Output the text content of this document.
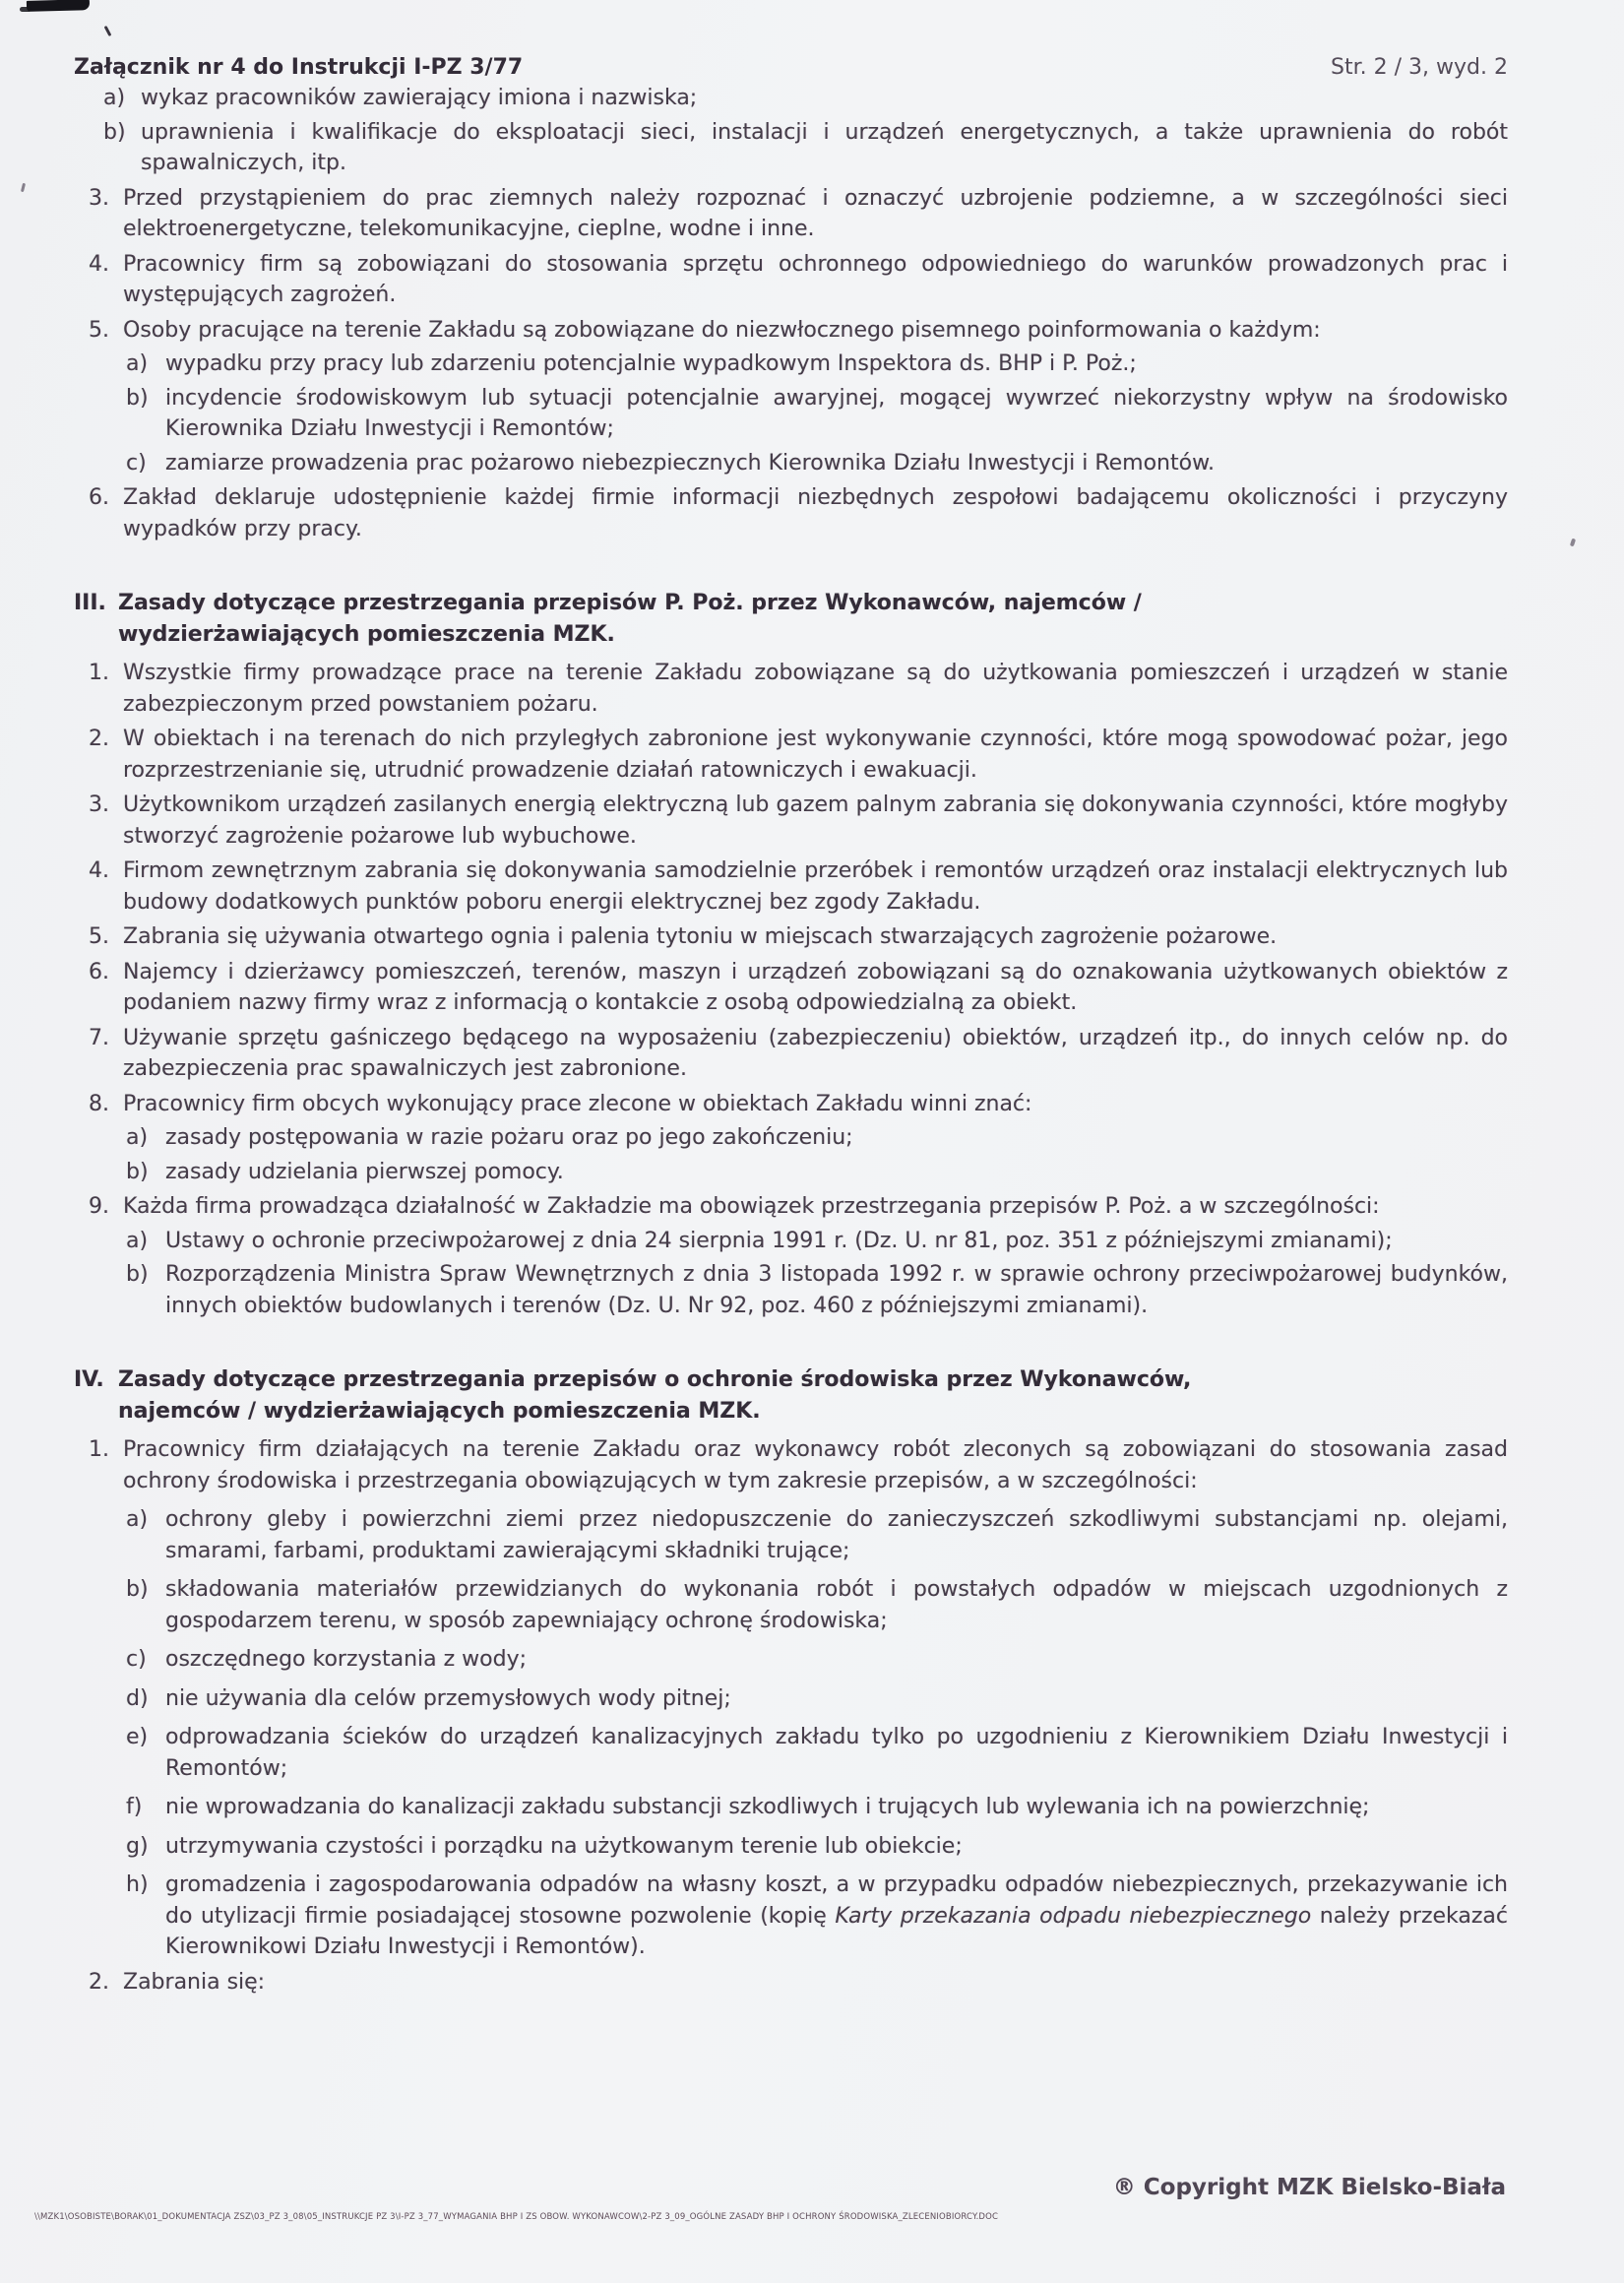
Załącznik nr 4 do Instrukcji I-PZ 3/77	Str. 2 / 3, wyd. 2
a) wykaz pracowników zawierający imiona i nazwiska;
b) uprawnienia i kwalifikacje do eksploatacji sieci, instalacji i urządzeń energetycznych, a także uprawnienia do robót spawalniczych, itp.
3. Przed przystąpieniem do prac ziemnych należy rozpoznać i oznaczyć uzbrojenie podziemne, a w szczególności sieci elektroenergetyczne, telekomunikacyjne, cieplne, wodne i inne.
4. Pracownicy firm są zobowiązani do stosowania sprzętu ochronnego odpowiedniego do warunków prowadzonych prac i występujących zagrożeń.
5. Osoby pracujące na terenie Zakładu są zobowiązane do niezwłocznego pisemnego poinformowania o każdym:
a) wypadku przy pracy lub zdarzeniu potencjalnie wypadkowym Inspektora ds. BHP i P. Poż.;
b) incydencie środowiskowym lub sytuacji potencjalnie awaryjnej, mogącej wywrzeć niekorzystny wpływ na środowisko Kierownika Działu Inwestycji i Remontów;
c) zamiarze prowadzenia prac pożarowo niebezpiecznych Kierownika Działu Inwestycji i Remontów.
6. Zakład deklaruje udostępnienie każdej firmie informacji niezbędnych zespołowi badającemu okoliczności i przyczyny wypadków przy pracy.
III. Zasady dotyczące przestrzegania przepisów P. Poż. przez Wykonawców, najemców /
wydzierżawiających pomieszczenia MZK.
1. Wszystkie firmy prowadzące prace na terenie Zakładu zobowiązane są do użytkowania pomieszczeń i urządzeń w stanie zabezpieczonym przed powstaniem pożaru.
2. W obiektach i na terenach do nich przyległych zabronione jest wykonywanie czynności, które mogą spowodować pożar, jego rozprzestrzenianie się, utrudnić prowadzenie działań ratowniczych i ewakuacji.
3. Użytkownikom urządzeń zasilanych energią elektryczną lub gazem palnym zabrania się dokonywania czynności, które mogłyby stworzyć zagrożenie pożarowe lub wybuchowe.
4. Firmom zewnętrznym zabrania się dokonywania samodzielnie przeróbek i remontów urządzeń oraz instalacji elektrycznych lub budowy dodatkowych punktów poboru energii elektrycznej bez zgody Zakładu.
5. Zabrania się używania otwartego ognia i palenia tytoniu w miejscach stwarzających zagrożenie pożarowe.
6. Najemcy i dzierżawcy pomieszczeń, terenów, maszyn i urządzeń zobowiązani są do oznakowania użytkowanych obiektów z podaniem nazwy firmy wraz z informacją o kontakcie z osobą odpowiedzialną za obiekt.
7. Używanie sprzętu gaśniczego będącego na wyposażeniu (zabezpieczeniu) obiektów, urządzeń itp., do innych celów np. do zabezpieczenia prac spawalniczych jest zabronione.
8. Pracownicy firm obcych wykonujący prace zlecone w obiektach Zakładu winni znać:
a) zasady postępowania w razie pożaru oraz po jego zakończeniu;
b) zasady udzielania pierwszej pomocy.
9. Każda firma prowadząca działalność w Zakładzie ma obowiązek przestrzegania przepisów P. Poż. a w szczególności:
a) Ustawy o ochronie przeciwpożarowej z dnia 24 sierpnia 1991 r. (Dz. U. nr 81, poz. 351 z późniejszymi zmianami);
b) Rozporządzenia Ministra Spraw Wewnętrznych z dnia 3 listopada 1992 r. w sprawie ochrony przeciwpożarowej budynków, innych obiektów budowlanych i terenów (Dz. U. Nr 92, poz. 460 z późniejszymi zmianami).
IV. Zasady dotyczące przestrzegania przepisów o ochronie środowiska przez Wykonawców,
najemców / wydzierżawiających pomieszczenia MZK.
1. Pracownicy firm działających na terenie Zakładu oraz wykonawcy robót zleconych są zobowiązani do stosowania zasad ochrony środowiska i przestrzegania obowiązujących w tym zakresie przepisów, a w szczególności:
a) ochrony gleby i powierzchni ziemi przez niedopuszczenie do zanieczyszczeń szkodliwymi substancjami np. olejami, smarami, farbami, produktami zawierającymi składniki trujące;
b) składowania materiałów przewidzianych do wykonania robót i powstałych odpadów w miejscach uzgodnionych z gospodarzem terenu, w sposób zapewniający ochronę środowiska;
c) oszczędnego korzystania z wody;
d) nie używania dla celów przemysłowych wody pitnej;
e) odprowadzania ścieków do urządzeń kanalizacyjnych zakładu tylko po uzgodnieniu z Kierownikiem Działu Inwestycji i Remontów;
f)	nie wprowadzania do kanalizacji zakładu substancji szkodliwych i trujących lub wylewania ich na powierzchnię;
g) utrzymywania czystości i porządku na użytkowanym terenie lub obiekcie;
h) gromadzenia i zagospodarowania odpadów na własny koszt, a w przypadku odpadów niebezpiecznych, przekazywanie ich do utylizacji firmie posiadającej stosowne pozwolenie (kopię Karty przekazania odpadu niebezpiecznego należy przekazać Kierownikowi Działu Inwestycji i Remontów).
2. Zabrania się:
® Copyright MZK Bielsko-Biała
\\MZK1\OSOBISTE\BORAK\01_DOKUMENTACJA ZSZ\03_PZ 3_08\05_INSTRUKCJE PZ 3\I-PZ 3_77_WYMAGANIA BHP I ZS OBOW. WYKONAWCOW\2-PZ 3_09_OGÓLNE ZASADY BHP I OCHRONY ŚRODOWISKA_ZLECENIOBIORCY.DOC
